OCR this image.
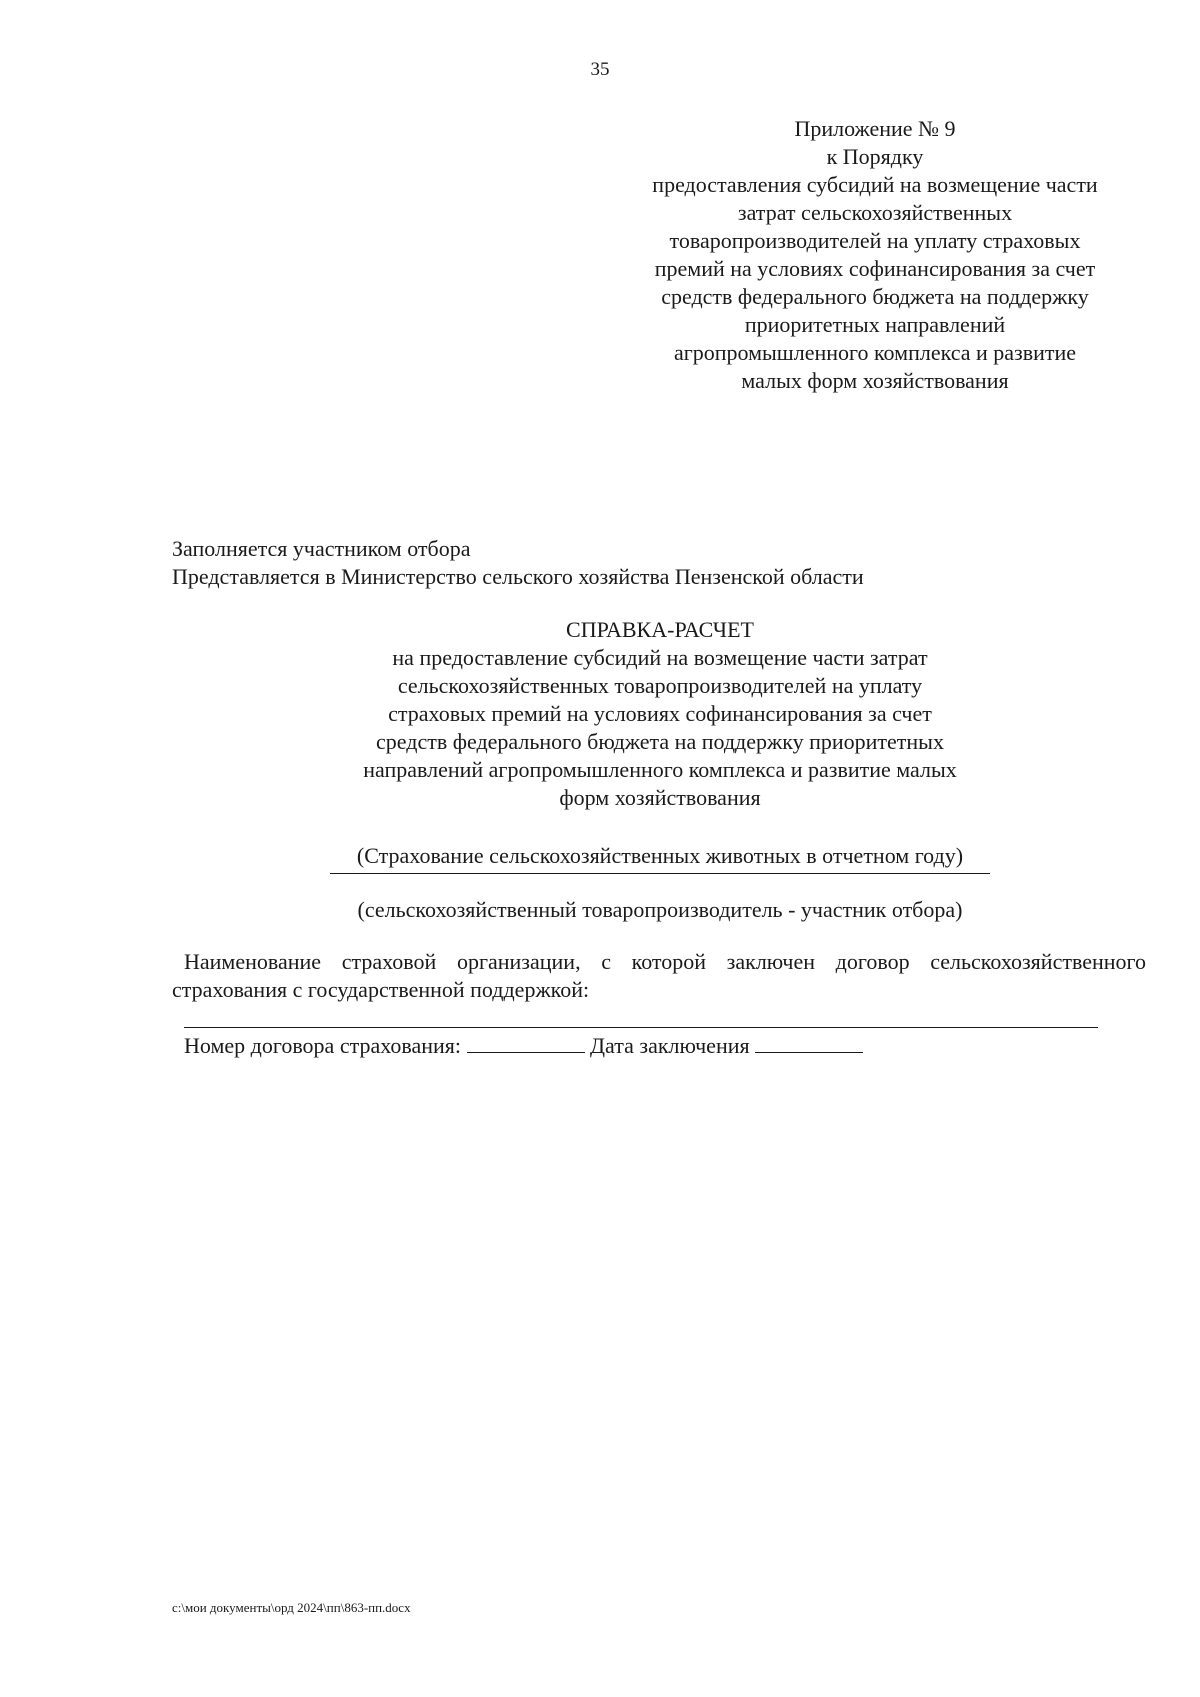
35
Приложение № 9
к Порядку
предоставления субсидий на возмещение части
затрат сельскохозяйственных
товаропроизводителей на уплату страховых
премий на условиях софинансирования за счет
средств федерального бюджета на поддержку
приоритетных направлений
агропромышленного комплекса и развитие
малых форм хозяйствования
Заполняется участником отбора
Представляется в Министерство сельского хозяйства Пензенской области
СПРАВКА-РАСЧЕТ
на предоставление субсидий на возмещение части затрат
сельскохозяйственных товаропроизводителей на уплату
страховых премий на условиях софинансирования за счет
средств федерального бюджета на поддержку приоритетных
направлений агропромышленного комплекса и развитие малых
форм хозяйствования
(Страхование сельскохозяйственных животных в отчетном году)
(сельскохозяйственный товаропроизводитель - участник отбора)
Наименование страховой организации, с которой заключен договор сельскохозяйственного страхования с государственной поддержкой:
Номер договора страхования:	Дата заключения
c:\мои документы\орд 2024\пп\863-пп.docx
